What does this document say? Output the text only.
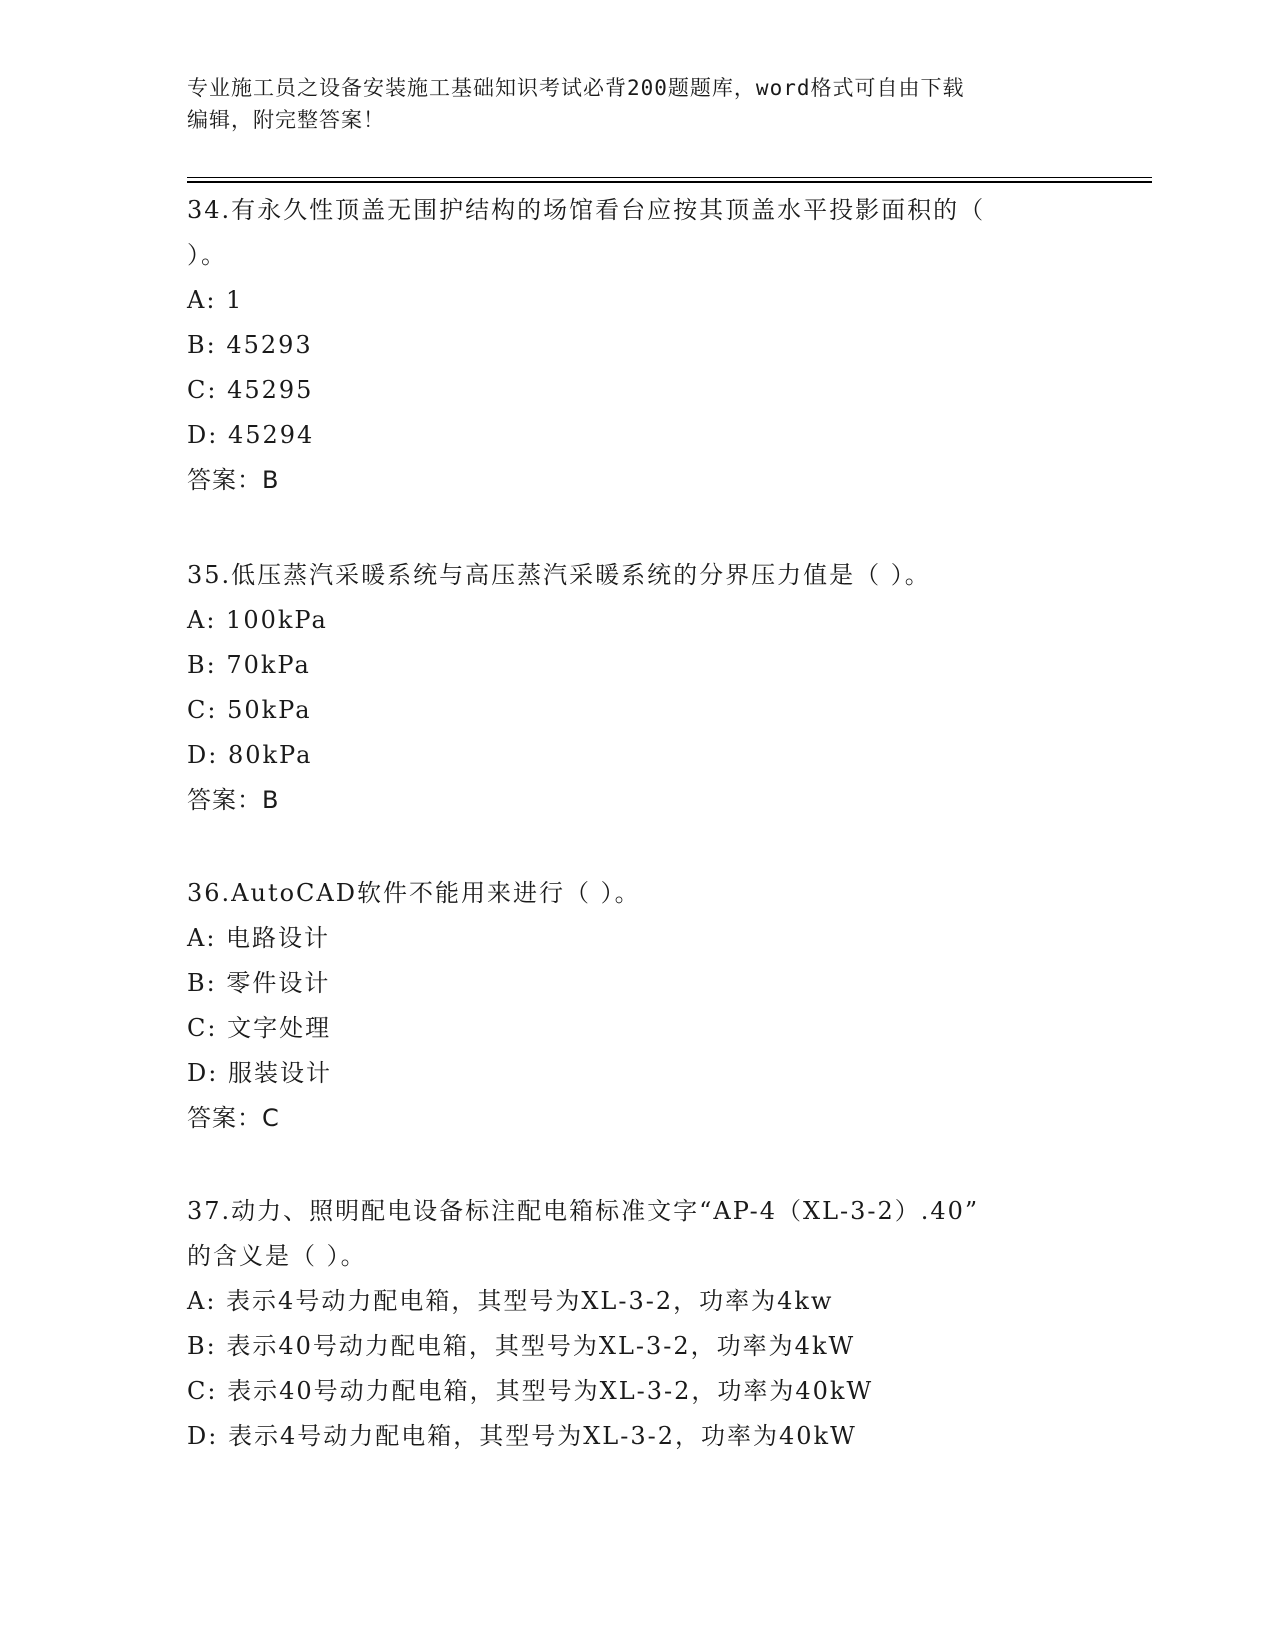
专业施工员之设备安装施工基础知识考试必背200题题库，word格式可自由下载
编辑，附完整答案！
34.有永久性顶盖无围护结构的场馆看台应按其顶盖水平投影面积的（
）。
A: 1
B: 45293
C: 45295
D: 45294
答案：B
35.低压蒸汽采暖系统与高压蒸汽采暖系统的分界压力值是（ ）。
A: 100kPa
B: 70kPa
C: 50kPa
D: 80kPa
答案：B
36.AutoCAD软件不能用来进行（ ）。
A: 电路设计
B: 零件设计
C: 文字处理
D: 服装设计
答案：C
37.动力、照明配电设备标注配电箱标准文字“AP-4（XL-3-2）.40”
的含义是（ ）。
A: 表示4号动力配电箱，其型号为XL-3-2，功率为4kw
B: 表示40号动力配电箱，其型号为XL-3-2，功率为4kW
C: 表示40号动力配电箱，其型号为XL-3-2，功率为40kW
D: 表示4号动力配电箱，其型号为XL-3-2，功率为40kW
